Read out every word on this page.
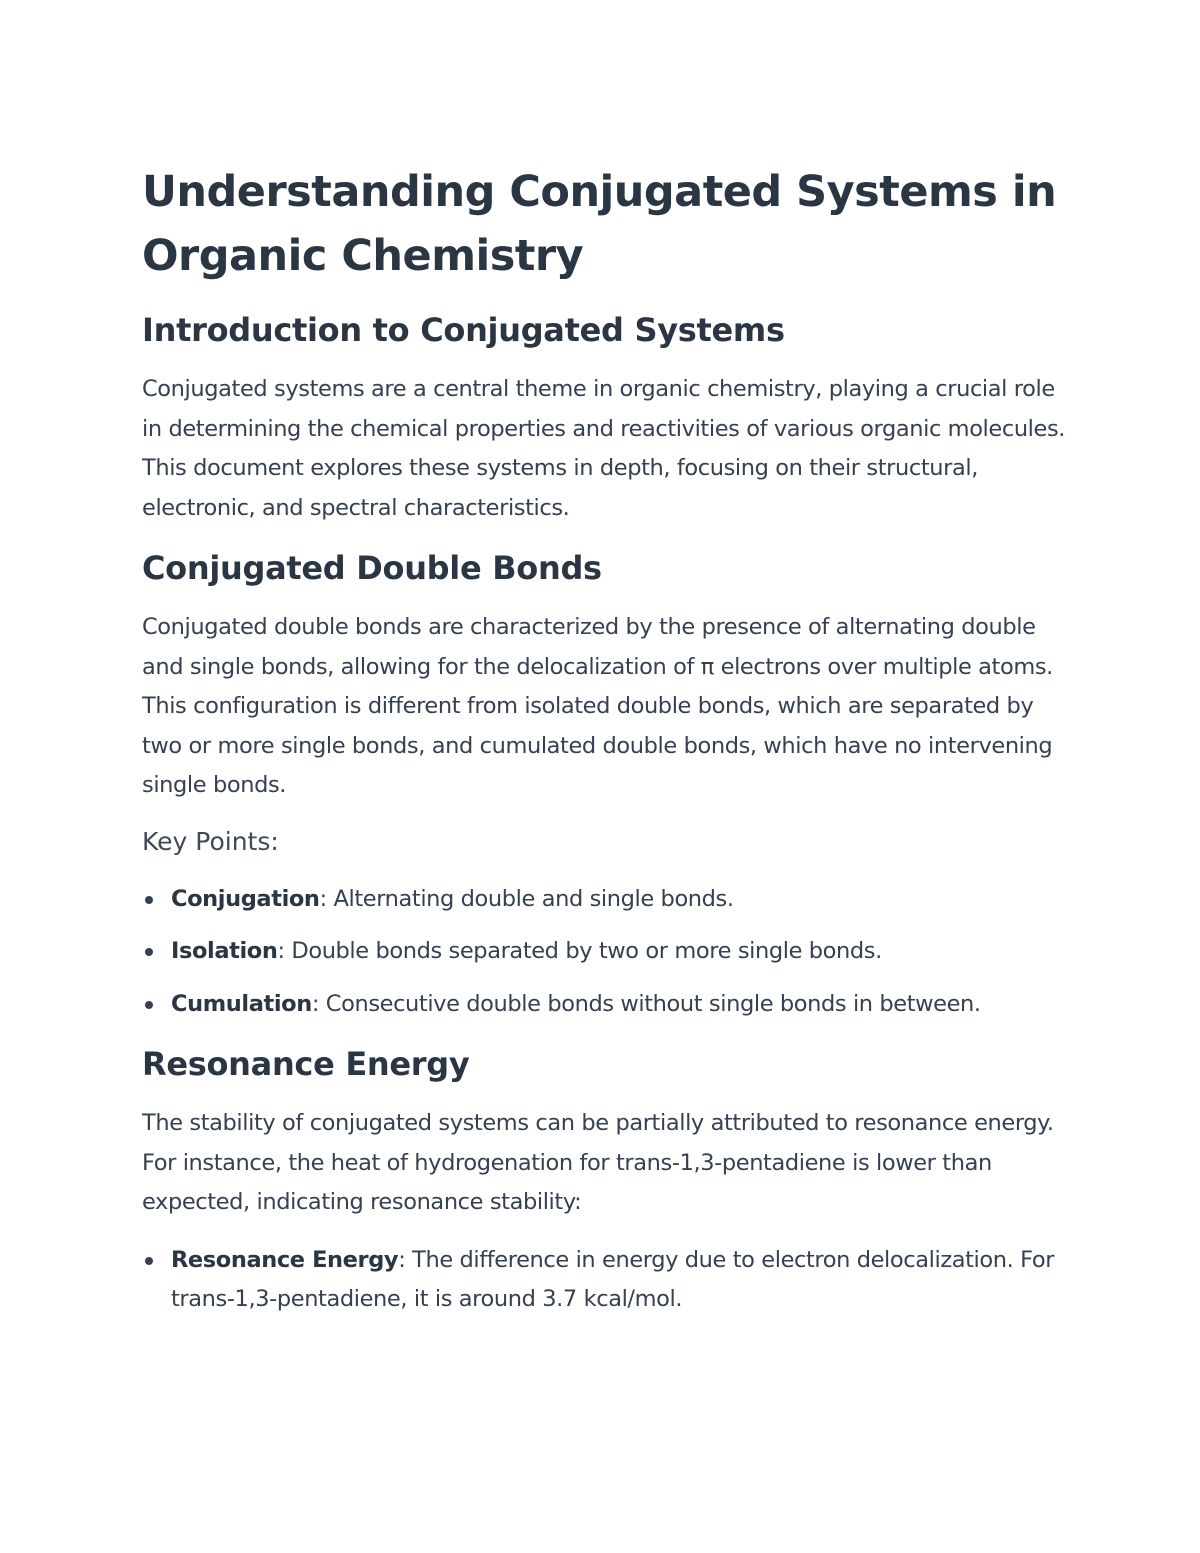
Understanding Conjugated Systems in Organic Chemistry
Introduction to Conjugated Systems

Conjugated systems are a central theme in organic chemistry, playing a crucial role in determining the chemical properties and reactivities of various organic molecules. This document explores these systems in depth, focusing on their structural, electronic, and spectral characteristics.

Conjugated Double Bonds

Conjugated double bonds are characterized by the presence of alternating double and single bonds, allowing for the delocalization of π electrons over multiple atoms. This configuration is different from isolated double bonds, which are separated by two or more single bonds, and cumulated double bonds, which have no intervening single bonds.

Key Points:
Conjugation: Alternating double and single bonds.
Isolation: Double bonds separated by two or more single bonds.
Cumulation: Consecutive double bonds without single bonds in between.
Resonance Energy

The stability of conjugated systems can be partially attributed to resonance energy. For instance, the heat of hydrogenation for trans-1,3-pentadiene is lower than expected, indicating resonance stability:

Resonance Energy: The difference in energy due to electron delocalization. For trans-1,3-pentadiene, it is around 3.7 kcal/mol.
